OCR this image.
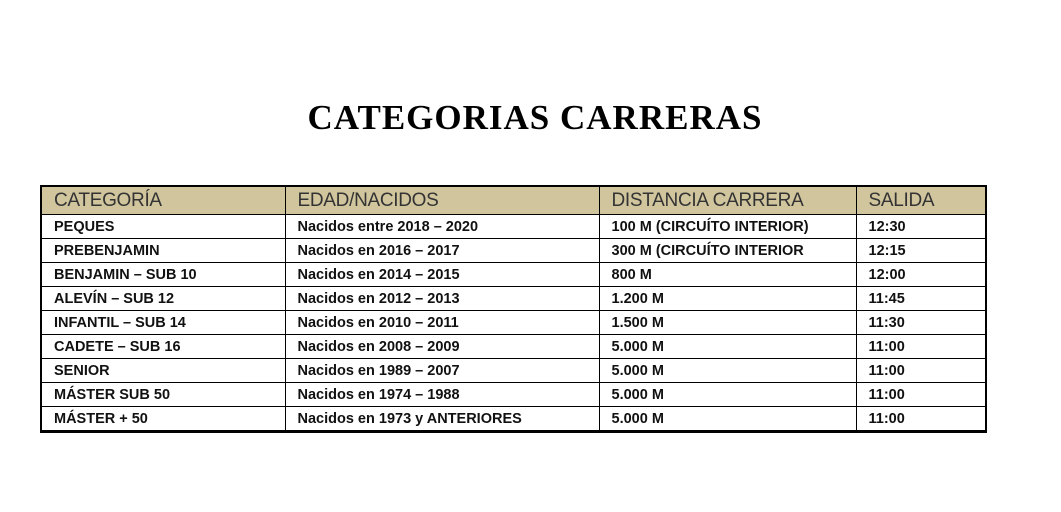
CATEGORIAS CARRERAS
CATEGORÍA	EDAD/NACIDOS	DISTANCIA CARRERA	SALIDA
PEQUES	Nacidos entre 2018 – 2020	100 M (CIRCUÍTO INTERIOR)	12:30
PREBENJAMIN	Nacidos en 2016 – 2017	300 M (CIRCUÍTO INTERIOR	12:15
BENJAMIN – SUB 10	Nacidos en 2014 – 2015	800 M	12:00
ALEVÍN – SUB 12	Nacidos en 2012 – 2013	1.200 M	11:45
INFANTIL – SUB 14	Nacidos en 2010 – 2011	1.500 M	11:30
CADETE – SUB 16	Nacidos en 2008 – 2009	5.000 M	11:00
SENIOR	Nacidos en 1989 – 2007	5.000 M	11:00
MÁSTER SUB 50	Nacidos en 1974 – 1988	5.000 M	11:00
MÁSTER + 50	Nacidos en 1973 y ANTERIORES	5.000 M	11:00
